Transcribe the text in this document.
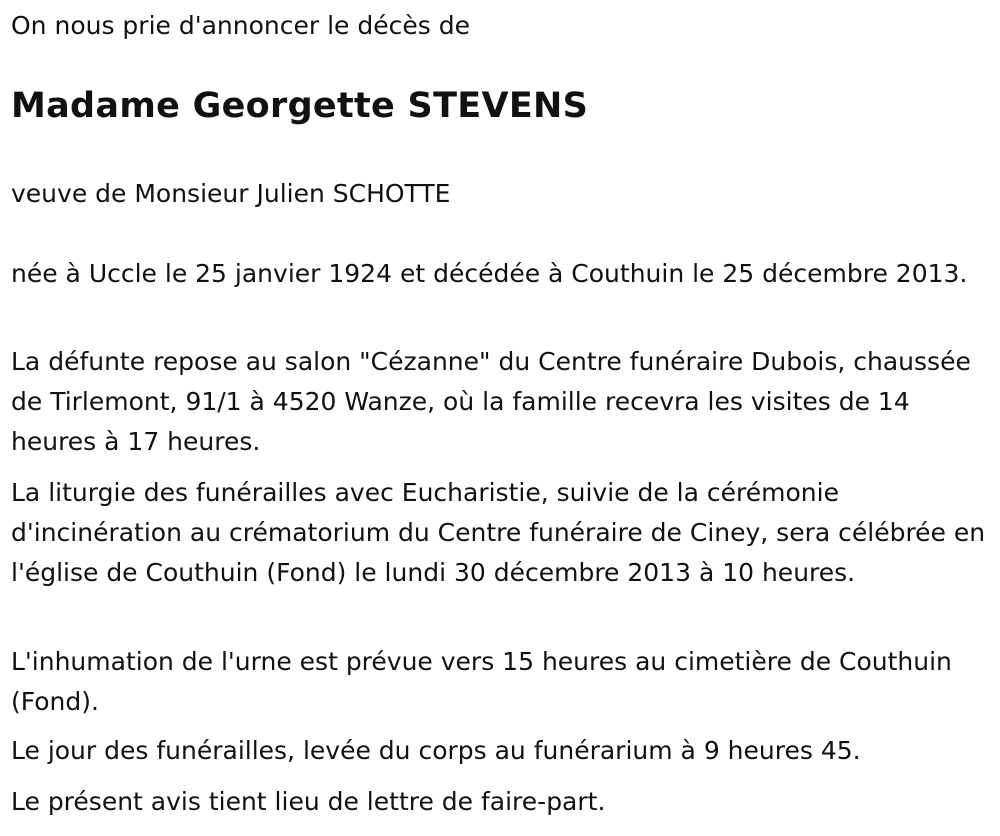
On nous prie d'annoncer le décès de

Madame Georgette STEVENS

veuve de Monsieur Julien SCHOTTE

née à Uccle le 25 janvier 1924 et décédée à Couthuin le 25 décembre 2013.

La défunte repose au salon "Cézanne" du Centre funéraire Dubois, chaussée de Tirlemont, 91/1 à 4520 Wanze, où la famille recevra les visites de 14 heures à 17 heures.

La liturgie des funérailles avec Eucharistie, suivie de la cérémonie d'incinération au crématorium du Centre funéraire de Ciney, sera célébrée en l'église de Couthuin (Fond) le lundi 30 décembre 2013 à 10 heures.

L'inhumation de l'urne est prévue vers 15 heures au cimetière de Couthuin (Fond).

Le jour des funérailles, levée du corps au funérarium à 9 heures 45.

Le présent avis tient lieu de lettre de faire-part.
